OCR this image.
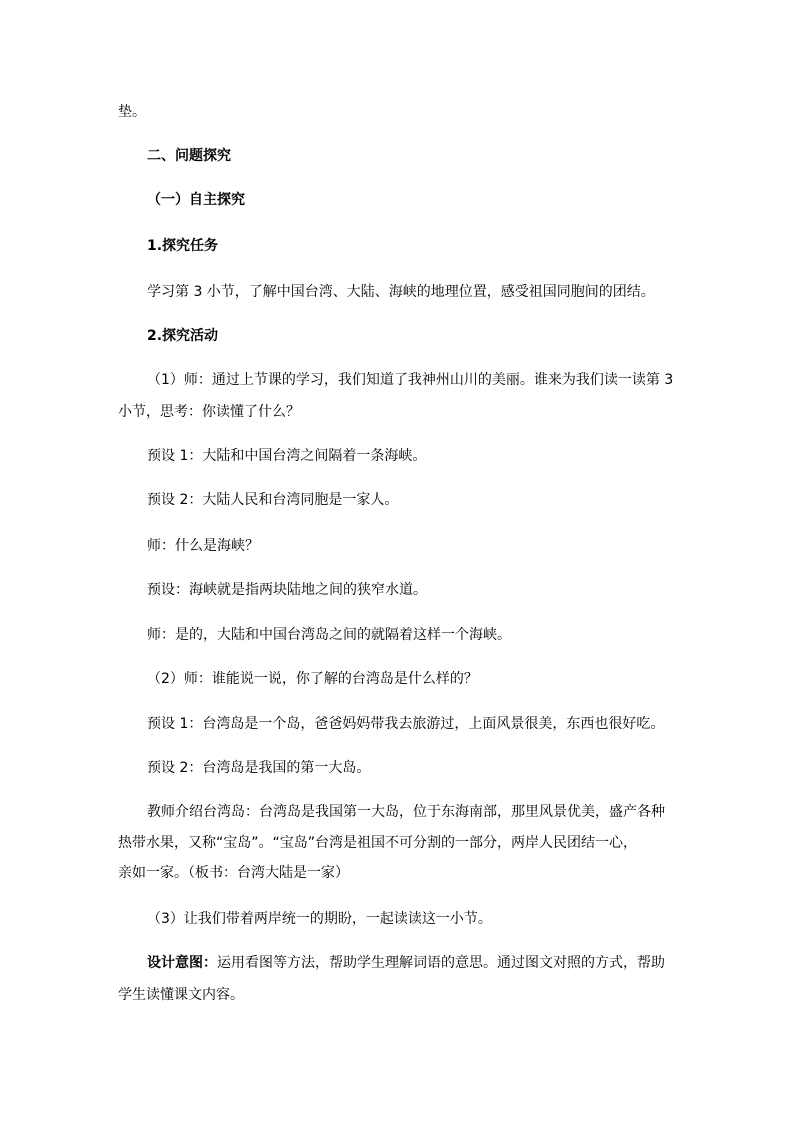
垫。
二、问题探究
（一）自主探究
1.探究任务
学习第 3 小节，了解中国台湾、大陆、海峡的地理位置，感受祖国同胞间的团结。
2.探究活动
（1）师：通过上节课的学习，我们知道了我神州山川的美丽。谁来为我们读一读第 3
小节，思考：你读懂了什么？
预设 1：大陆和中国台湾之间隔着一条海峡。
预设 2：大陆人民和台湾同胞是一家人。
师：什么是海峡？
预设：海峡就是指两块陆地之间的狭窄水道。
师：是的，大陆和中国台湾岛之间的就隔着这样一个海峡。
（2）师：谁能说一说，你了解的台湾岛是什么样的？
预设 1：台湾岛是一个岛，爸爸妈妈带我去旅游过，上面风景很美，东西也很好吃。
预设 2：台湾岛是我国的第一大岛。
教师介绍台湾岛：台湾岛是我国第一大岛，位于东海南部，那里风景优美，盛产各种
热带水果，又称“宝岛”。“宝岛”台湾是祖国不可分割的一部分，两岸人民团结一心，
亲如一家。（板书：台湾大陆是一家）
（3）让我们带着两岸统一的期盼，一起读读这一小节。
设计意图：运用看图等方法，帮助学生理解词语的意思。通过图文对照的方式，帮助
学生读懂课文内容。
